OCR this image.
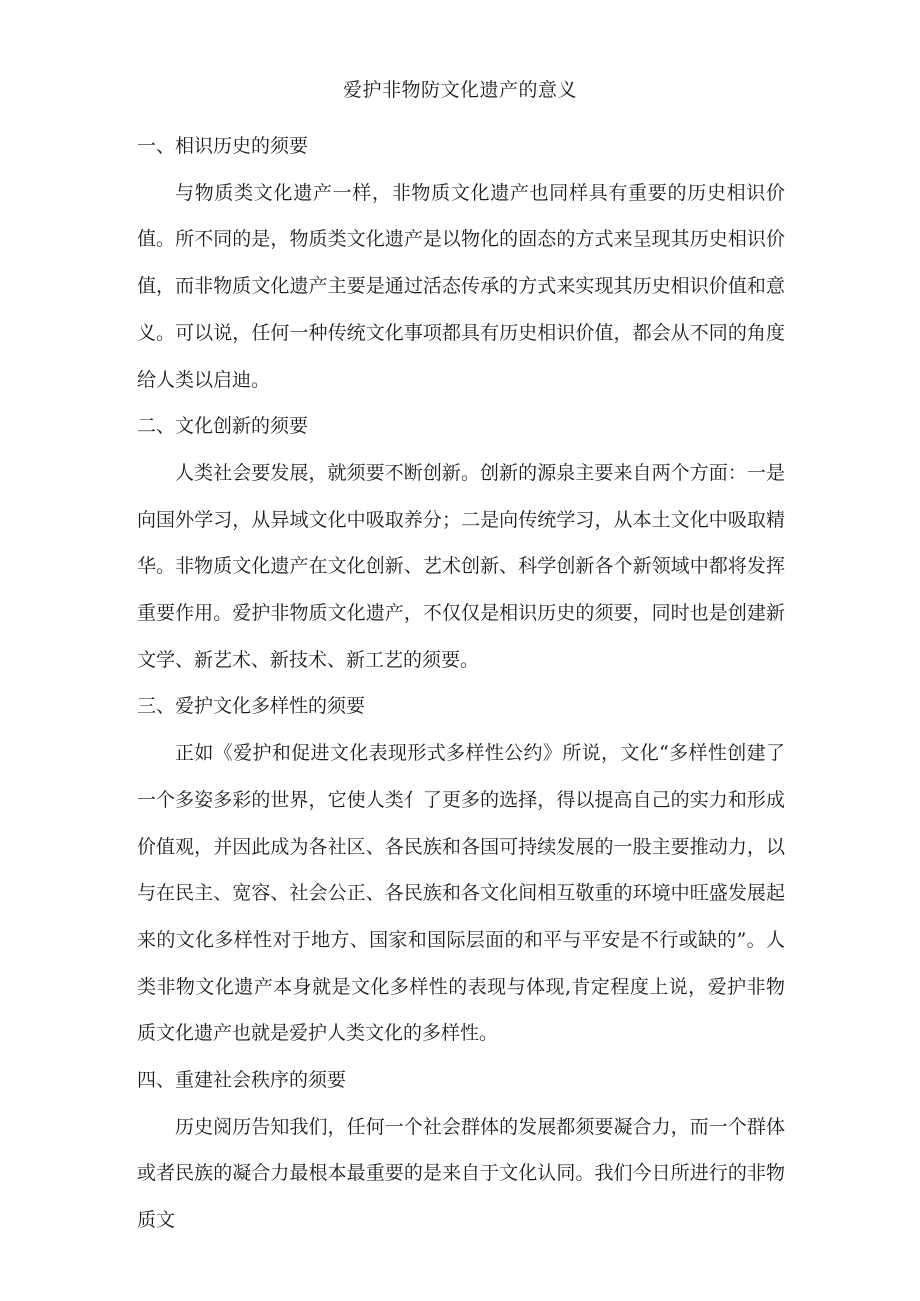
爱护非物防文化遗产的意义

一、相识历史的须要

与物质类文化遗产一样，非物质文化遗产也同样具有重要的历史相识价值。所不同的是，物质类文化遗产是以物化的固态的方式来呈现其历史相识价值，而非物质文化遗产主要是通过活态传承的方式来实现其历史相识价值和意义。可以说，任何一种传统文化事项都具有历史相识价值，都会从不同的角度给人类以启迪。

二、文化创新的须要

人类社会要发展，就须要不断创新。创新的源泉主要来自两个方面：一是向国外学习，从异域文化中吸取养分；二是向传统学习，从本土文化中吸取精华。非物质文化遗产在文化创新、艺术创新、科学创新各个新领域中都将发挥重要作用。爱护非物质文化遗产，不仅仅是相识历史的须要，同时也是创建新文学、新艺术、新技术、新工艺的须要。

三、爱护文化多样性的须要

正如《爱护和促进文化表现形式多样性公约》所说，文化“多样性创建了一个多姿多彩的世界，它使人类亻了更多的选择，得以提高自己的实力和形成价值观，并因此成为各社区、各民族和各国可持续发展的一股主要推动力，以与在民主、宽容、社会公正、各民族和各文化间相互敬重的环境中旺盛发展起来的文化多样性对于地方、国家和国际层面的和平与平安是不行或缺的”。人类非物文化遗产本身就是文化多样性的表现与体现,肯定程度上说，爱护非物质文化遗产也就是爱护人类文化的多样性。

四、重建社会秩序的须要

历史阅历告知我们，任何一个社会群体的发展都须要凝合力，而一个群体或者民族的凝合力最根本最重要的是来自于文化认同。我们今日所进行的非物质文
